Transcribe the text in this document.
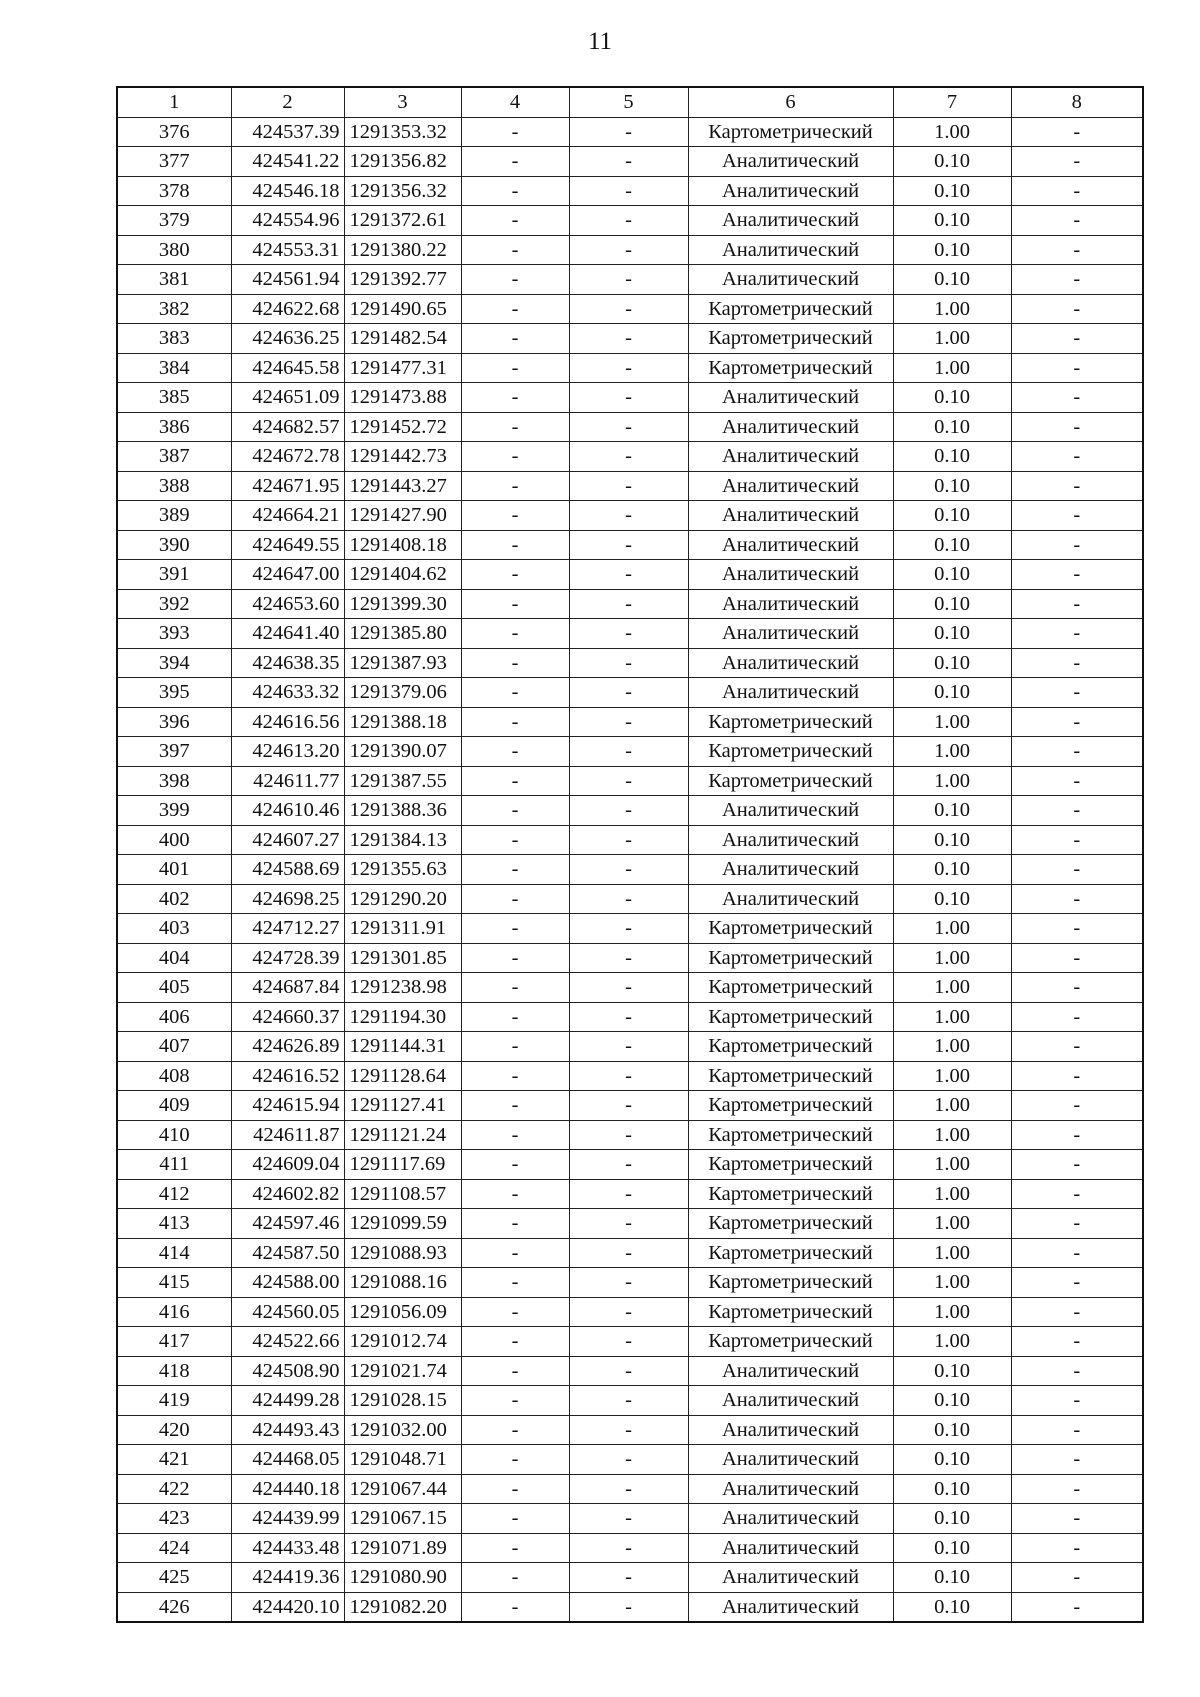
11
1	2	3	4	5	6	7	8
376	424537.39	1291353.32	-	-	Картометрический	1.00	-
377	424541.22	1291356.82	-	-	Аналитический	0.10	-
378	424546.18	1291356.32	-	-	Аналитический	0.10	-
379	424554.96	1291372.61	-	-	Аналитический	0.10	-
380	424553.31	1291380.22	-	-	Аналитический	0.10	-
381	424561.94	1291392.77	-	-	Аналитический	0.10	-
382	424622.68	1291490.65	-	-	Картометрический	1.00	-
383	424636.25	1291482.54	-	-	Картометрический	1.00	-
384	424645.58	1291477.31	-	-	Картометрический	1.00	-
385	424651.09	1291473.88	-	-	Аналитический	0.10	-
386	424682.57	1291452.72	-	-	Аналитический	0.10	-
387	424672.78	1291442.73	-	-	Аналитический	0.10	-
388	424671.95	1291443.27	-	-	Аналитический	0.10	-
389	424664.21	1291427.90	-	-	Аналитический	0.10	-
390	424649.55	1291408.18	-	-	Аналитический	0.10	-
391	424647.00	1291404.62	-	-	Аналитический	0.10	-
392	424653.60	1291399.30	-	-	Аналитический	0.10	-
393	424641.40	1291385.80	-	-	Аналитический	0.10	-
394	424638.35	1291387.93	-	-	Аналитический	0.10	-
395	424633.32	1291379.06	-	-	Аналитический	0.10	-
396	424616.56	1291388.18	-	-	Картометрический	1.00	-
397	424613.20	1291390.07	-	-	Картометрический	1.00	-
398	424611.77	1291387.55	-	-	Картометрический	1.00	-
399	424610.46	1291388.36	-	-	Аналитический	0.10	-
400	424607.27	1291384.13	-	-	Аналитический	0.10	-
401	424588.69	1291355.63	-	-	Аналитический	0.10	-
402	424698.25	1291290.20	-	-	Аналитический	0.10	-
403	424712.27	1291311.91	-	-	Картометрический	1.00	-
404	424728.39	1291301.85	-	-	Картометрический	1.00	-
405	424687.84	1291238.98	-	-	Картометрический	1.00	-
406	424660.37	1291194.30	-	-	Картометрический	1.00	-
407	424626.89	1291144.31	-	-	Картометрический	1.00	-
408	424616.52	1291128.64	-	-	Картометрический	1.00	-
409	424615.94	1291127.41	-	-	Картометрический	1.00	-
410	424611.87	1291121.24	-	-	Картометрический	1.00	-
411	424609.04	1291117.69	-	-	Картометрический	1.00	-
412	424602.82	1291108.57	-	-	Картометрический	1.00	-
413	424597.46	1291099.59	-	-	Картометрический	1.00	-
414	424587.50	1291088.93	-	-	Картометрический	1.00	-
415	424588.00	1291088.16	-	-	Картометрический	1.00	-
416	424560.05	1291056.09	-	-	Картометрический	1.00	-
417	424522.66	1291012.74	-	-	Картометрический	1.00	-
418	424508.90	1291021.74	-	-	Аналитический	0.10	-
419	424499.28	1291028.15	-	-	Аналитический	0.10	-
420	424493.43	1291032.00	-	-	Аналитический	0.10	-
421	424468.05	1291048.71	-	-	Аналитический	0.10	-
422	424440.18	1291067.44	-	-	Аналитический	0.10	-
423	424439.99	1291067.15	-	-	Аналитический	0.10	-
424	424433.48	1291071.89	-	-	Аналитический	0.10	-
425	424419.36	1291080.90	-	-	Аналитический	0.10	-
426	424420.10	1291082.20	-	-	Аналитический	0.10	-
